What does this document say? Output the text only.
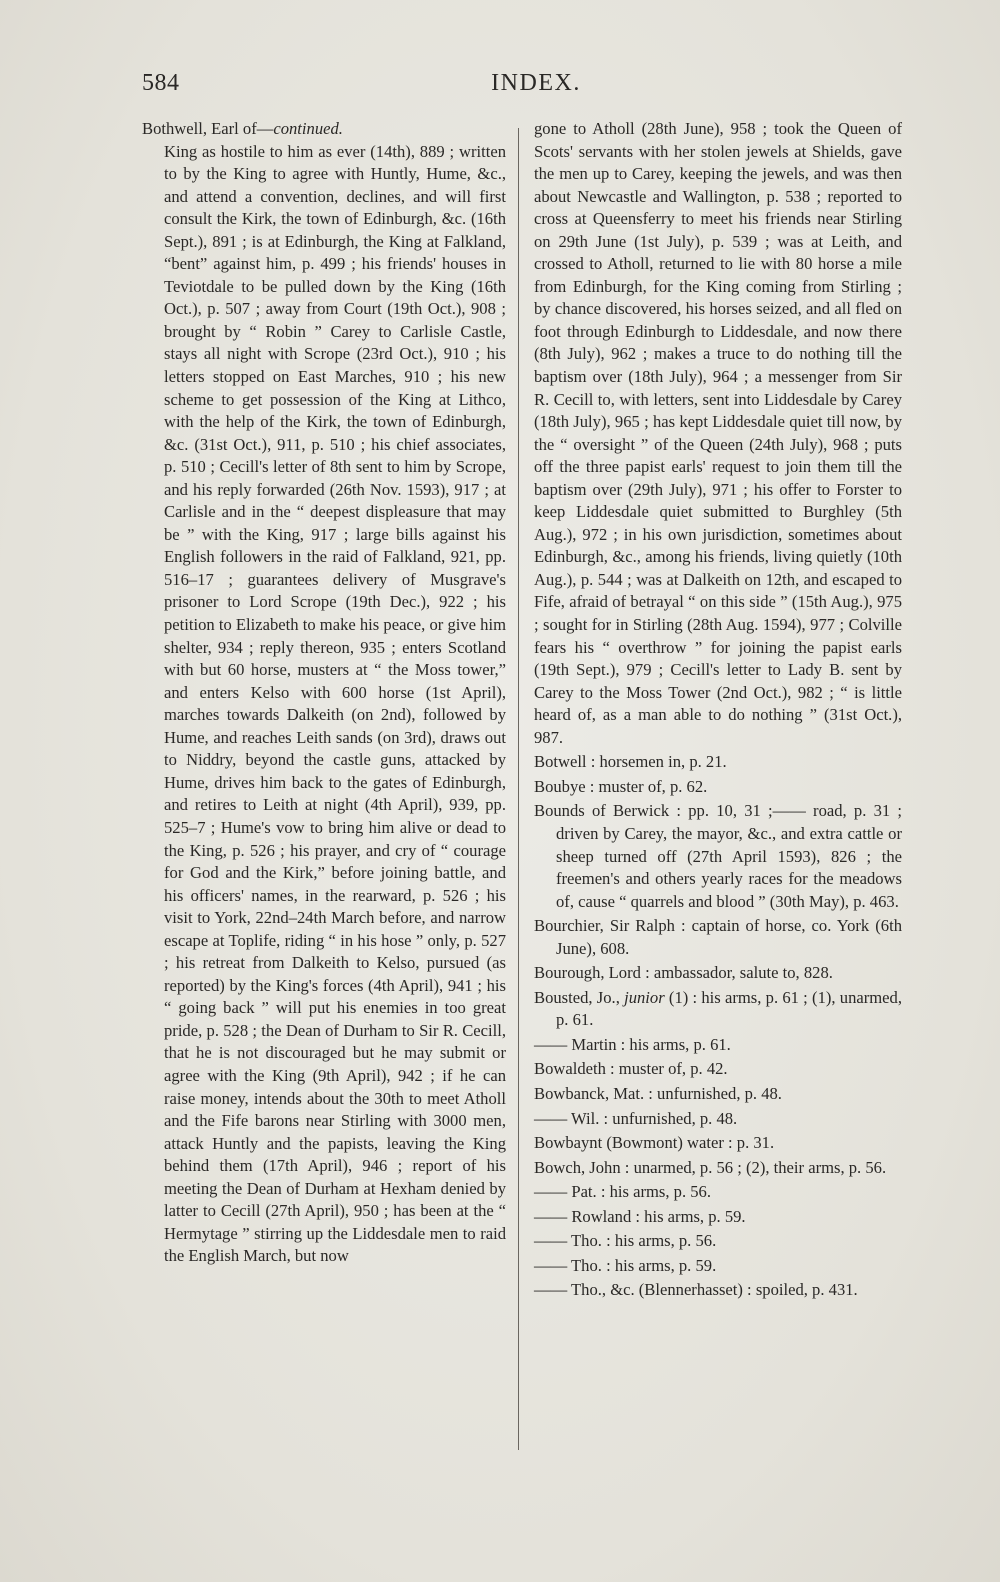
584	INDEX.

Bothwell, Earl of—continued.

King as hostile to him as ever (14th), 889 ; written to by the King to agree with Huntly, Hume, &c., and attend a convention, declines, and will first consult the Kirk, the town of Edinburgh, &c. (16th Sept.), 891 ; is at Edinburgh, the King at Falkland, “bent” against him, p. 499 ; his friends' houses in Teviotdale to be pulled down by the King (16th Oct.), p. 507 ; away from Court (19th Oct.), 908 ; brought by “ Robin ” Carey to Carlisle Castle, stays all night with Scrope (23rd Oct.), 910 ; his letters stopped on East Marches, 910 ; his new scheme to get possession of the King at Lithco, with the help of the Kirk, the town of Edinburgh, &c. (31st Oct.), 911, p. 510 ; his chief associates, p. 510 ; Cecill's letter of 8th sent to him by Scrope, and his reply forwarded (26th Nov. 1593), 917 ; at Carlisle and in the “ deepest displeasure that may be ” with the King, 917 ; large bills against his English followers in the raid of Falkland, 921, pp. 516–17 ; guarantees delivery of Musgrave's prisoner to Lord Scrope (19th Dec.), 922 ; his petition to Elizabeth to make his peace, or give him shelter, 934 ; reply thereon, 935 ; enters Scotland with but 60 horse, musters at “ the Moss tower,” and enters Kelso with 600 horse (1st April), marches towards Dalkeith (on 2nd), followed by Hume, and reaches Leith sands (on 3rd), draws out to Niddry, beyond the castle guns, attacked by Hume, drives him back to the gates of Edinburgh, and retires to Leith at night (4th April), 939, pp. 525–7 ; Hume's vow to bring him alive or dead to the King, p. 526 ; his prayer, and cry of “ courage for God and the Kirk,” before joining battle, and his officers' names, in the rearward, p. 526 ; his visit to York, 22nd–24th March before, and narrow escape at Toplife, riding “ in his hose ” only, p. 527 ; his retreat from Dalkeith to Kelso, pursued (as reported) by the King's forces (4th April), 941 ; his “ going back ” will put his enemies in too great pride, p. 528 ; the Dean of Durham to Sir R. Cecill, that he is not discouraged but he may submit or agree with the King (9th April), 942 ; if he can raise money, intends about the 30th to meet Atholl and the Fife barons near Stirling with 3000 men, attack Huntly and the papists, leaving the King behind them (17th April), 946 ; report of his meeting the Dean of Durham at Hexham denied by latter to Cecill (27th April), 950 ; has been at the “ Hermytage ” stirring up the Liddesdale men to raid the English March, but now

gone to Atholl (28th June), 958 ; took the Queen of Scots' servants with her stolen jewels at Shields, gave the men up to Carey, keeping the jewels, and was then about Newcastle and Wallington, p. 538 ; reported to cross at Queensferry to meet his friends near Stirling on 29th June (1st July), p. 539 ; was at Leith, and crossed to Atholl, returned to lie with 80 horse a mile from Edinburgh, for the King coming from Stirling ; by chance discovered, his horses seized, and all fled on foot through Edinburgh to Liddesdale, and now there (8th July), 962 ; makes a truce to do nothing till the baptism over (18th July), 964 ; a messenger from Sir R. Cecill to, with letters, sent into Liddesdale by Carey (18th July), 965 ; has kept Liddesdale quiet till now, by the “ oversight ” of the Queen (24th July), 968 ; puts off the three papist earls' request to join them till the baptism over (29th July), 971 ; his offer to Forster to keep Liddesdale quiet submitted to Burghley (5th Aug.), 972 ; in his own jurisdiction, sometimes about Edinburgh, &c., among his friends, living quietly (10th Aug.), p. 544 ; was at Dalkeith on 12th, and escaped to Fife, afraid of betrayal “ on this side ” (15th Aug.), 975 ; sought for in Stirling (28th Aug. 1594), 977 ; Colville fears his “ overthrow ” for joining the papist earls (19th Sept.), 979 ; Cecill's letter to Lady B. sent by Carey to the Moss Tower (2nd Oct.), 982 ; “ is little heard of, as a man able to do nothing ” (31st Oct.), 987.

Botwell : horsemen in, p. 21.

Boubye : muster of, p. 62.

Bounds of Berwick : pp. 10, 31 ;—— road, p. 31 ; driven by Carey, the mayor, &c., and extra cattle or sheep turned off (27th April 1593), 826 ; the freemen's and others yearly races for the meadows of, cause “ quarrels and blood ” (30th May), p. 463.

Bourchier, Sir Ralph : captain of horse, co. York (6th June), 608.

Bourough, Lord : ambassador, salute to, 828.

Bousted, Jo., junior (1) : his arms, p. 61 ; (1), unarmed, p. 61.

—— Martin : his arms, p. 61.

Bowaldeth : muster of, p. 42.

Bowbanck, Mat. : unfurnished, p. 48.

—— Wil. : unfurnished, p. 48.

Bowbaynt (Bowmont) water : p. 31.

Bowch, John : unarmed, p. 56 ; (2), their arms, p. 56.

—— Pat. : his arms, p. 56.

—— Rowland : his arms, p. 59.

—— Tho. : his arms, p. 56.

—— Tho. : his arms, p. 59.

—— Tho., &c. (Blennerhasset) : spoiled, p. 431.
